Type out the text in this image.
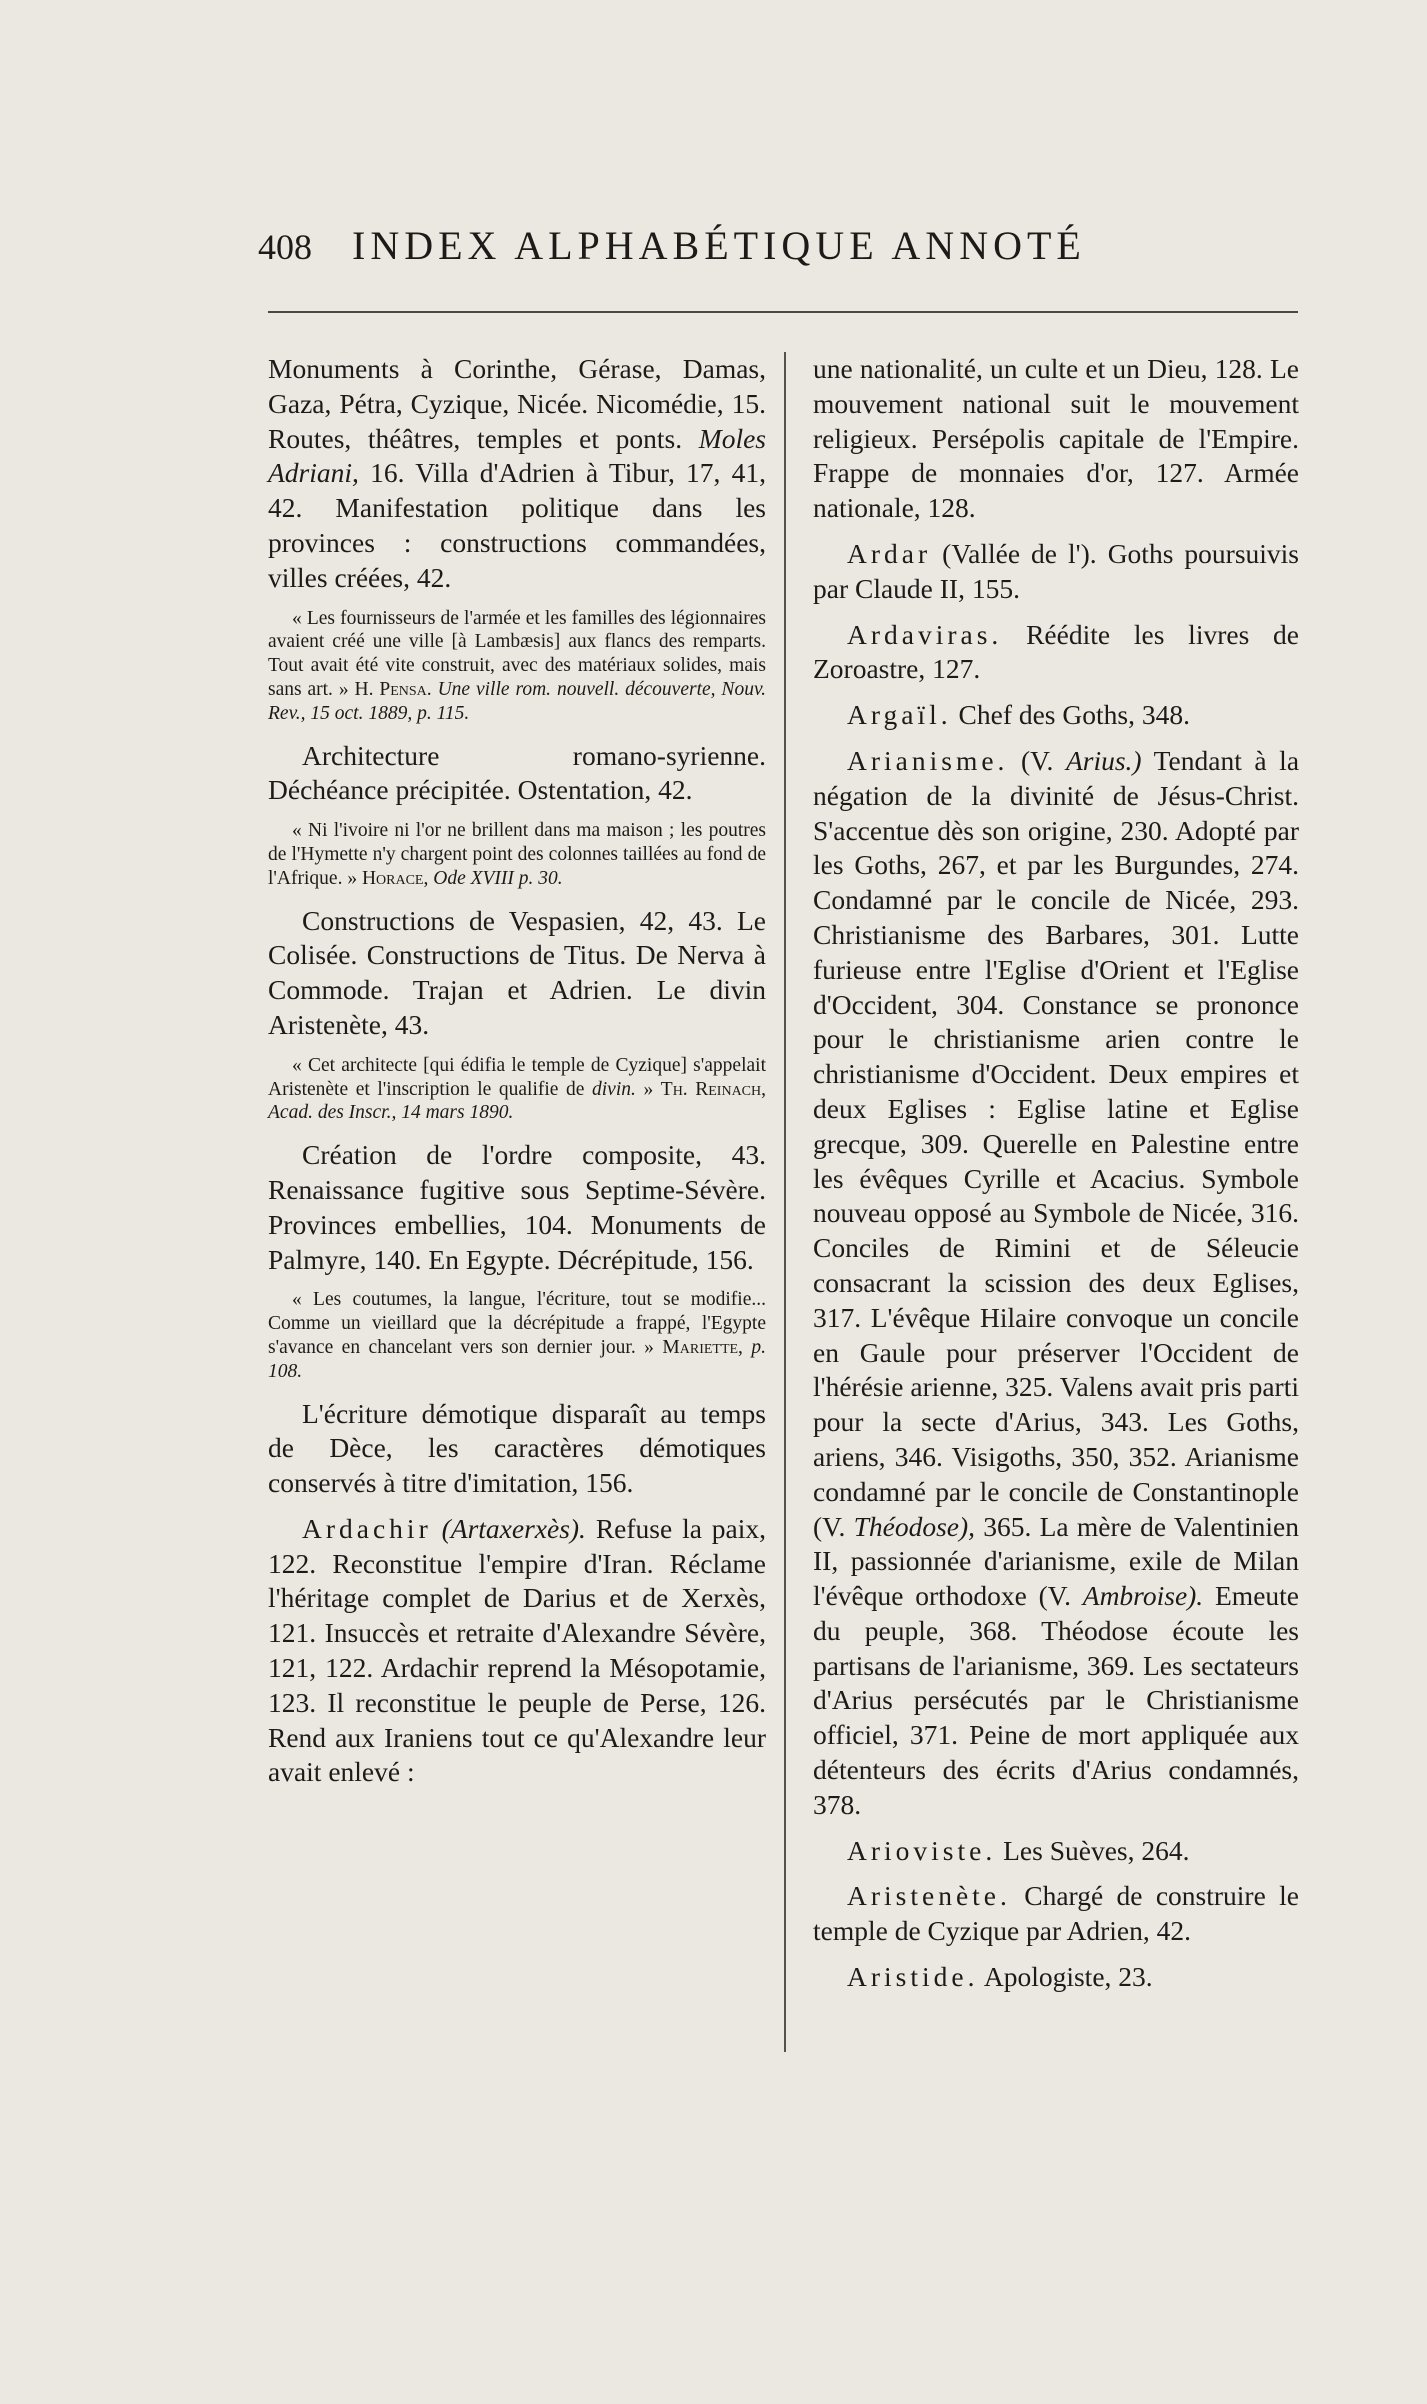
408 INDEX ALPHABÉTIQUE ANNOTÉ

Monuments à Corinthe, Gérase, Damas, Gaza, Pétra, Cyzique, Nicée. Nicomédie, 15. Routes, théâtres, temples et ponts. Moles Adriani, 16. Villa d'Adrien à Tibur, 17, 41, 42. Manifestation politique dans les provinces : constructions commandées, villes créées, 42.

« Les fournisseurs de l'armée et les familles des légionnaires avaient créé une ville [à Lambæsis] aux flancs des remparts. Tout avait été vite construit, avec des matériaux solides, mais sans art. » H. Pensa. Une ville rom. nouvell. découverte, Nouv. Rev., 15 oct. 1889, p. 115.

Architecture romano-syrienne. Déchéance précipitée. Ostentation, 42.

« Ni l'ivoire ni l'or ne brillent dans ma maison ; les poutres de l'Hymette n'y chargent point des colonnes taillées au fond de l'Afrique. » Horace, Ode XVIII p. 30.

Constructions de Vespasien, 42, 43. Le Colisée. Constructions de Titus. De Nerva à Commode. Trajan et Adrien. Le divin Aristenète, 43.

« Cet architecte [qui édifia le temple de Cyzique] s'appelait Aristenète et l'inscription le qualifie de divin. » Th. Reinach, Acad. des Inscr., 14 mars 1890.

Création de l'ordre composite, 43. Renaissance fugitive sous Septime-Sévère. Provinces embellies, 104. Monuments de Palmyre, 140. En Egypte. Décrépitude, 156.

« Les coutumes, la langue, l'écriture, tout se modifie... Comme un vieillard que la décrépitude a frappé, l'Egypte s'avance en chancelant vers son dernier jour. » Mariette, p. 108.

L'écriture démotique disparaît au temps de Dèce, les caractères démotiques conservés à titre d'imitation, 156.

Ardachir (Artaxerxès). Refuse la paix, 122. Reconstitue l'empire d'Iran. Réclame l'héritage complet de Darius et de Xerxès, 121. Insuccès et retraite d'Alexandre Sévère, 121, 122. Ardachir reprend la Mésopotamie, 123. Il reconstitue le peuple de Perse, 126. Rend aux Iraniens tout ce qu'Alexandre leur avait enlevé :

une nationalité, un culte et un Dieu, 128. Le mouvement national suit le mouvement religieux. Persépolis capitale de l'Empire. Frappe de monnaies d'or, 127. Armée nationale, 128.

Ardar (Vallée de l'). Goths poursuivis par Claude II, 155.

Ardaviras. Réédite les livres de Zoroastre, 127.

Argaïl. Chef des Goths, 348.

Arianisme. (V. Arius.) Tendant à la négation de la divinité de Jésus-Christ. S'accentue dès son origine, 230. Adopté par les Goths, 267, et par les Burgundes, 274. Condamné par le concile de Nicée, 293. Christianisme des Barbares, 301. Lutte furieuse entre l'Eglise d'Orient et l'Eglise d'Occident, 304. Constance se prononce pour le christianisme arien contre le christianisme d'Occident. Deux empires et deux Eglises : Eglise latine et Eglise grecque, 309. Querelle en Palestine entre les évêques Cyrille et Acacius. Symbole nouveau opposé au Symbole de Nicée, 316. Conciles de Rimini et de Séleucie consacrant la scission des deux Eglises, 317. L'évêque Hilaire convoque un concile en Gaule pour préserver l'Occident de l'hérésie arienne, 325. Valens avait pris parti pour la secte d'Arius, 343. Les Goths, ariens, 346. Visigoths, 350, 352. Arianisme condamné par le concile de Constantinople (V. Théodose), 365. La mère de Valentinien II, passionnée d'arianisme, exile de Milan l'évêque orthodoxe (V. Ambroise). Emeute du peuple, 368. Théodose écoute les partisans de l'arianisme, 369. Les sectateurs d'Arius persécutés par le Christianisme officiel, 371. Peine de mort appliquée aux détenteurs des écrits d'Arius condamnés, 378.

Arioviste. Les Suèves, 264.

Aristenète. Chargé de construire le temple de Cyzique par Adrien, 42.

Aristide. Apologiste, 23.
